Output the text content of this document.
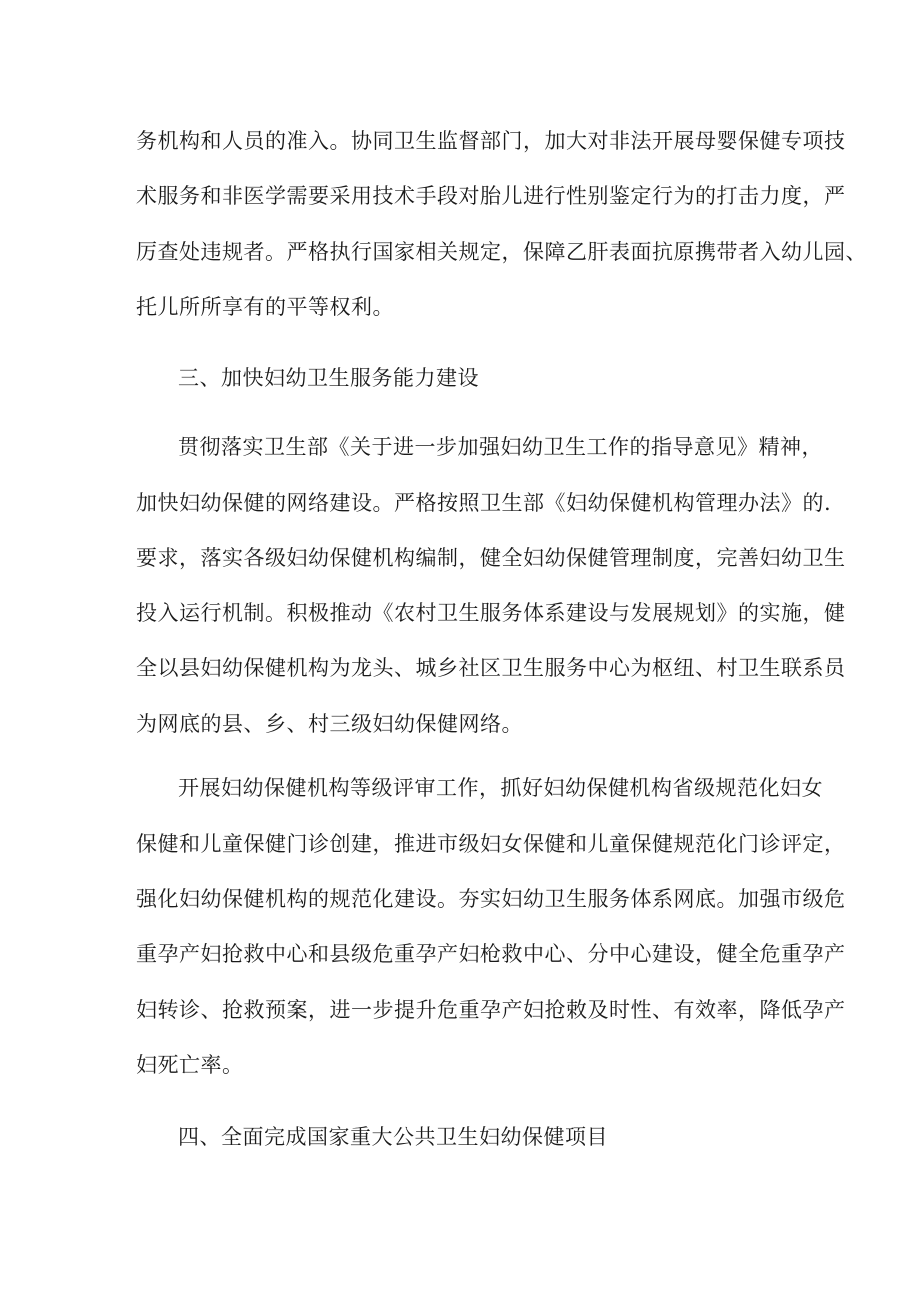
务机构和人员的准入。协同卫生监督部门，加大对非法开展母婴保健专项技
术服务和非医学需要采用技术手段对胎儿进行性别鉴定行为的打击力度，严
厉查处违规者。严格执行国家相关规定，保障乙肝表面抗原携带者入幼儿园、
托儿所所享有的平等权利。
三、加快妇幼卫生服务能力建设
贯彻落实卫生部《关于进一步加强妇幼卫生工作的指导意见》精神，
加快妇幼保健的网络建设。严格按照卫生部《妇幼保健机构管理办法》的.
要求，落实各级妇幼保健机构编制，健全妇幼保健管理制度，完善妇幼卫生
投入运行机制。积极推动《农村卫生服务体系建设与发展规划》的实施，健
全以县妇幼保健机构为龙头、城乡社区卫生服务中心为枢纽、村卫生联系员
为网底的县、乡、村三级妇幼保健网络。
开展妇幼保健机构等级评审工作，抓好妇幼保健机构省级规范化妇女
保健和儿童保健门诊创建，推进市级妇女保健和儿童保健规范化门诊评定，
强化妇幼保健机构的规范化建设。夯实妇幼卫生服务体系网底。加强市级危
重孕产妇抢救中心和县级危重孕产妇枪救中心、分中心建设，健全危重孕产
妇转诊、抢救预案，进一步提升危重孕产妇抢敕及时性、有效率，降低孕产
妇死亡率。
四、全面完成国家重大公共卫生妇幼保健项目
